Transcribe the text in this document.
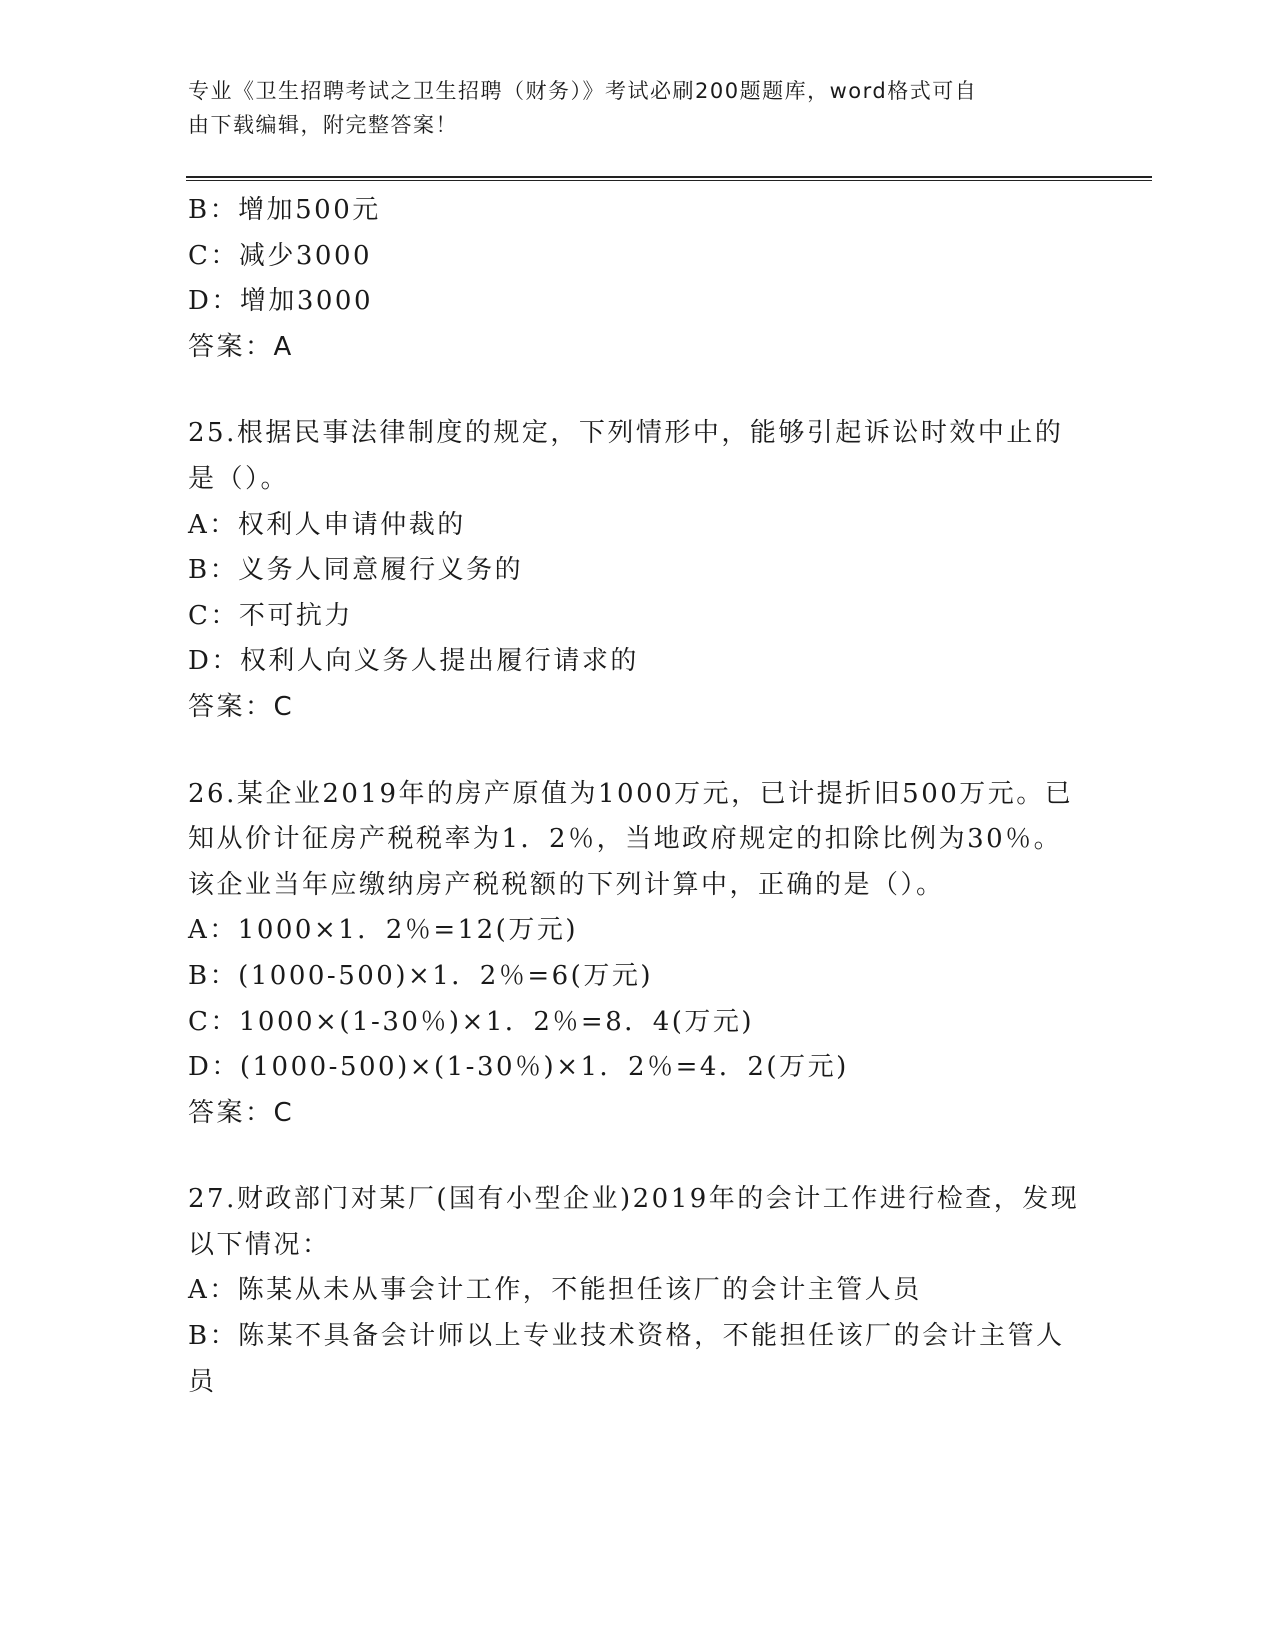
专业《卫生招聘考试之卫生招聘（财务）》考试必刷200题题库，word格式可自
由下载编辑，附完整答案！
B：增加500元
C：减少3000
D：增加3000
答案：A
25.根据民事法律制度的规定，下列情形中，能够引起诉讼时效中止的
是（）。
A：权利人申请仲裁的
B：义务人同意履行义务的
C：不可抗力
D：权利人向义务人提出履行请求的
答案：C
26.某企业2019年的房产原值为1000万元，已计提折旧500万元。已
知从价计征房产税税率为1．2％，当地政府规定的扣除比例为30％。
该企业当年应缴纳房产税税额的下列计算中，正确的是（）。
A：1000×1．2％=12(万元)
B：(1000-500)×1．2％=6(万元)
C：1000×(1-30％)×1．2％=8．4(万元)
D：(1000-500)×(1-30％)×1．2％=4．2(万元)
答案：C
27.财政部门对某厂(国有小型企业)2019年的会计工作进行检查，发现
以下情况：
A：陈某从未从事会计工作，不能担任该厂的会计主管人员
B：陈某不具备会计师以上专业技术资格，不能担任该厂的会计主管人
员
